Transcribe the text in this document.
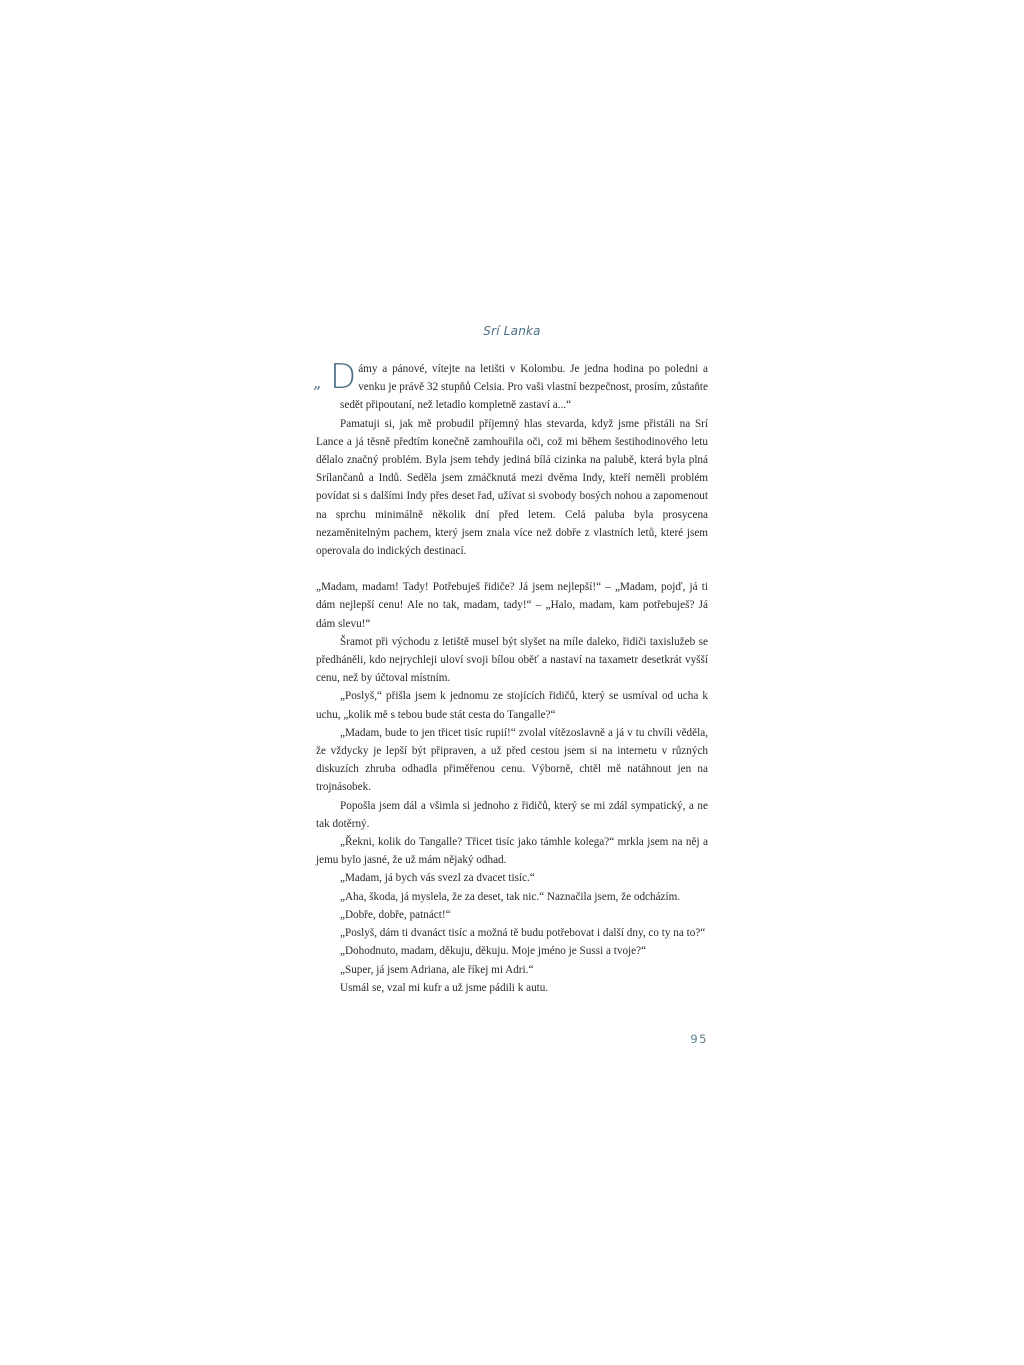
Srí Lanka

„ D ámy a pánové, vítejte na letišti v Kolombu. Je jedna hodina po poledni a venku je právě 32 stupňů Celsia. Pro vaši vlastní bezpečnost, prosím, zůstaňte sedět připoutaní, než letadlo kompletně zastaví a...“

Pamatuji si, jak mě probudil příjemný hlas stevarda, když jsme přistáli na Srí Lance a já těsně předtím konečně zamhouřila oči, což mi během šestihodinového letu dělalo značný problém. Byla jsem tehdy jediná bílá cizinka na palubě, která byla plná Srílančanů a Indů. Seděla jsem zmáčknutá mezi dvěma Indy, kteří neměli problém povídat si s dalšími Indy přes deset řad, užívat si svobody bosých nohou a zapomenout na sprchu minimálně několik dní před letem. Celá paluba byla prosycena nezaměnitelným pachem, který jsem znala více než dobře z vlastních letů, které jsem operovala do indických destinací.

„Madam, madam! Tady! Potřebuješ řidiče? Já jsem nejlepší!“ – „Madam, pojď, já ti dám nejlepší cenu! Ale no tak, madam, tady!“ – „Halo, madam, kam potřebuješ? Já dám slevu!“

Šramot při východu z letiště musel být slyšet na míle daleko, řidiči taxislužeb se předháněli, kdo nejrychleji uloví svoji bílou oběť a nastaví na taxametr desetkrát vyšší cenu, než by účtoval místním.

„Poslyš,“ přišla jsem k jednomu ze stojících řidičů, který se usmíval od ucha k uchu, „kolik mě s tebou bude stát cesta do Tangalle?“

„Madam, bude to jen třicet tisíc rupií!“ zvolal vítězoslavně a já v tu chvíli věděla, že vždycky je lepší být připraven, a už před cestou jsem si na internetu v různých diskuzích zhruba odhadla přiměřenou cenu. Výborně, chtěl mě natáhnout jen na trojnásobek.

Popošla jsem dál a všimla si jednoho z řidičů, který se mi zdál sympatický, a ne tak dotěrný.

„Řekni, kolik do Tangalle? Třicet tisíc jako támhle kolega?“ mrkla jsem na něj a jemu bylo jasné, že už mám nějaký odhad.

„Madam, já bych vás svezl za dvacet tisíc.“

„Aha, škoda, já myslela, že za deset, tak nic.“ Naznačila jsem, že odcházím.

„Dobře, dobře, patnáct!“

„Poslyš, dám ti dvanáct tisíc a možná tě budu potřebovat i další dny, co ty na to?“

„Dohodnuto, madam, děkuju, děkuju. Moje jméno je Sussi a tvoje?“

„Super, já jsem Adriana, ale říkej mi Adri.“

Usmál se, vzal mi kufr a už jsme pádili k autu.

95
